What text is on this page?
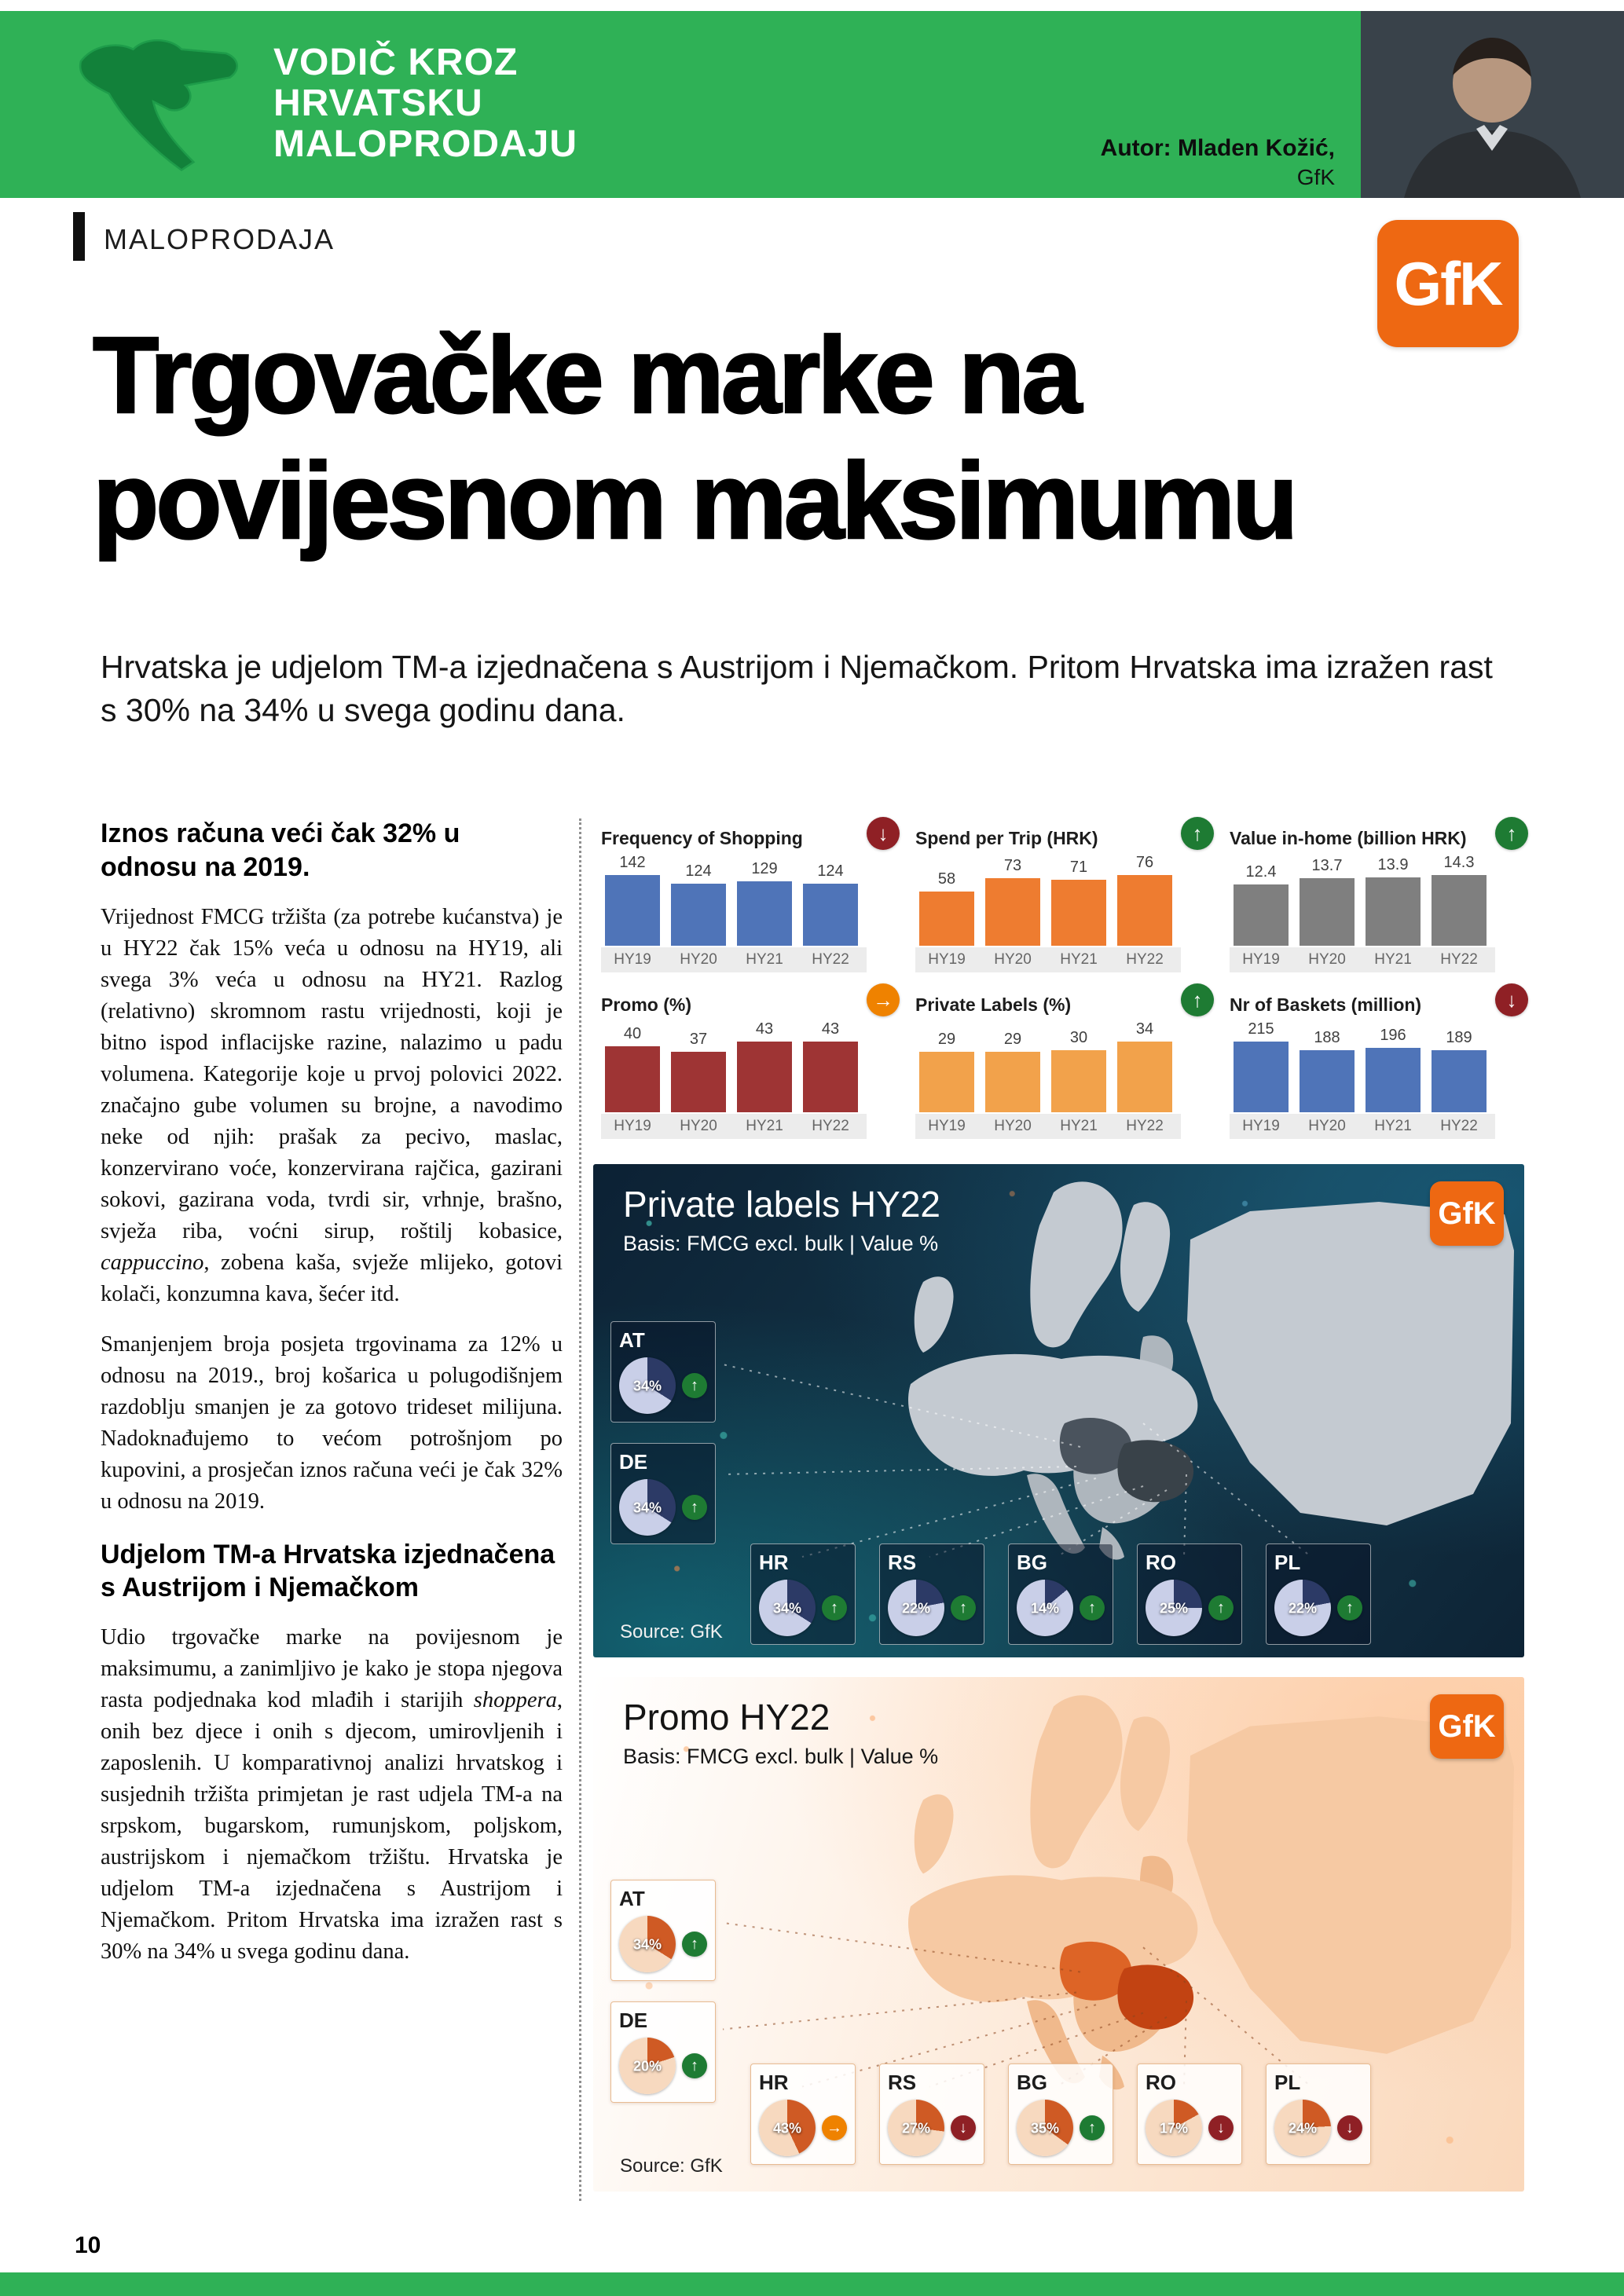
VODIČ KROZ
HRVATSKU
MALOPRODAJU	Autor: Mladen Kožić,
GfK
MALOPRODAJA
GfK
Trgovačke marke na
povijesnom maksimumu

Hrvatska je udjelom TM-a izjednačena s Austrijom i Njemačkom. Pritom Hrvatska ima izražen rast s 30% na 34% u svega godinu dana.

Iznos računa veći čak 32% u odnosu na 2019.

Vrijednost FMCG tržišta (za potrebe kućanstva) je u HY22 čak 15% veća u odnosu na HY19, ali svega 3% veća u odnosu na HY21. Razlog (relativno) skromnom rastu vrijednosti, koji je bitno ispod inflacijske razine, nalazimo u padu volumena. Kategorije koje u prvoj polovici 2022. značajno gube volumen su brojne, a navodimo neke od njih: prašak za pecivo, maslac, konzervirano voće, konzervirana rajčica, gazirani sokovi, gazirana voda, tvrdi sir, vrhnje, brašno, svježa riba, voćni sirup, roštilj kobasice, cappuccino, zobena kaša, svježe mlijeko, gotovi kolači, konzumna kava, šećer itd.

Smanjenjem broja posjeta trgovinama za 12% u odnosu na 2019., broj košarica u polugodišnjem razdoblju smanjen je za gotovo trideset milijuna. Nadoknađujemo to većom potrošnjom po kupovini, a prosječan iznos računa veći je čak 32% u odnosu na 2019.

Udjelom TM-a Hrvatska izjednačena s Austrijom i Njemačkom

Udio trgovačke marke na povijesnom je maksimumu, a zanimljivo je kako je stopa njegova rasta podjednaka kod mlađih i starijih shoppera, onih bez djece i onih s djecom, umirovljenih i zaposlenih. U komparativnoj analizi hrvatskog i susjednih tržišta primjetan je rast udjela TM-a na srpskom, bugarskom, rumunjskom, poljskom, austrijskom i njemačkom tržištu. Hrvatska je udjelom TM-a izjednačena s Austrijom i Njemačkom. Pritom Hrvatska ima izražen rast s 30% na 34% u svega godinu dana.

Frequency of Shopping	↓
142	124	129	124
HY19	HY20	HY21	HY22
Spend per Trip (HRK)	↑
58
73	71	76
HY19	HY20	HY21	HY22
Value in-home (billion HRK)	↑
12.4 13.7 13.9 14.3
HY19	HY20	HY21	HY22
Promo (%)	→
40	37
43	43
HY19	HY20	HY21	HY22
Private Labels (%)	↑
29	29	30	34
HY19	HY20	HY21	HY22
Nr of Baskets (million)	↓
215	188	196	189
HY19	HY20	HY21	HY22
Private labels HY22
Basis: FMCG excl. bulk | Value %
GfK
AT
34%	↑
DE
34%	↑
HR
34%	↑
RS
22%	↑
BG
14%	↑
RO
25%	↑
PL
22%	↑
Source: GfK
Promo HY22
Basis: FMCG excl. bulk | Value %
GfK
AT
34%	↑
DE
20%	↑
HR
43%	→
RS
27%	↓
BG
35%	↑
RO
17%	↓
PL
24%	↓
Source: GfK
10
